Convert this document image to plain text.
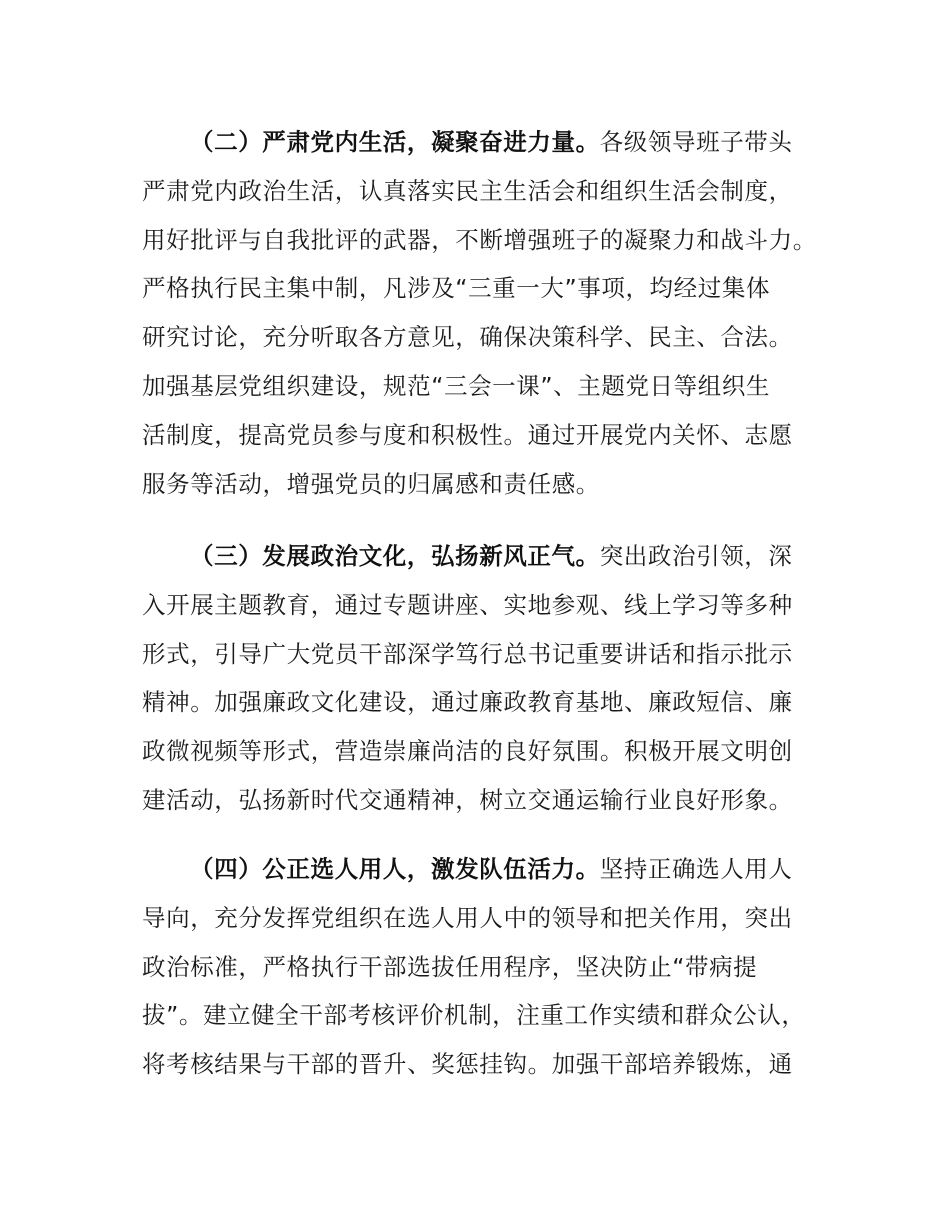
（二）严肃党内生活，凝聚奋进力量。各级领导班子带头
严肃党内政治生活，认真落实民主生活会和组织生活会制度，
用好批评与自我批评的武器，不断增强班子的凝聚力和战斗力。
严格执行民主集中制，凡涉及“三重一大”事项，均经过集体
研究讨论，充分听取各方意见，确保决策科学、民主、合法。
加强基层党组织建设，规范“三会一课”、主题党日等组织生
活制度，提高党员参与度和积极性。通过开展党内关怀、志愿
服务等活动，增强党员的归属感和责任感。
（三）发展政治文化，弘扬新风正气。突出政治引领，深
入开展主题教育，通过专题讲座、实地参观、线上学习等多种
形式，引导广大党员干部深学笃行总书记重要讲话和指示批示
精神。加强廉政文化建设，通过廉政教育基地、廉政短信、廉
政微视频等形式，营造崇廉尚洁的良好氛围。积极开展文明创
建活动，弘扬新时代交通精神，树立交通运输行业良好形象。
（四）公正选人用人，激发队伍活力。坚持正确选人用人
导向，充分发挥党组织在选人用人中的领导和把关作用，突出
政治标准，严格执行干部选拔任用程序，坚决防止“带病提
拔”。建立健全干部考核评价机制，注重工作实绩和群众公认，
将考核结果与干部的晋升、奖惩挂钩。加强干部培养锻炼，通
